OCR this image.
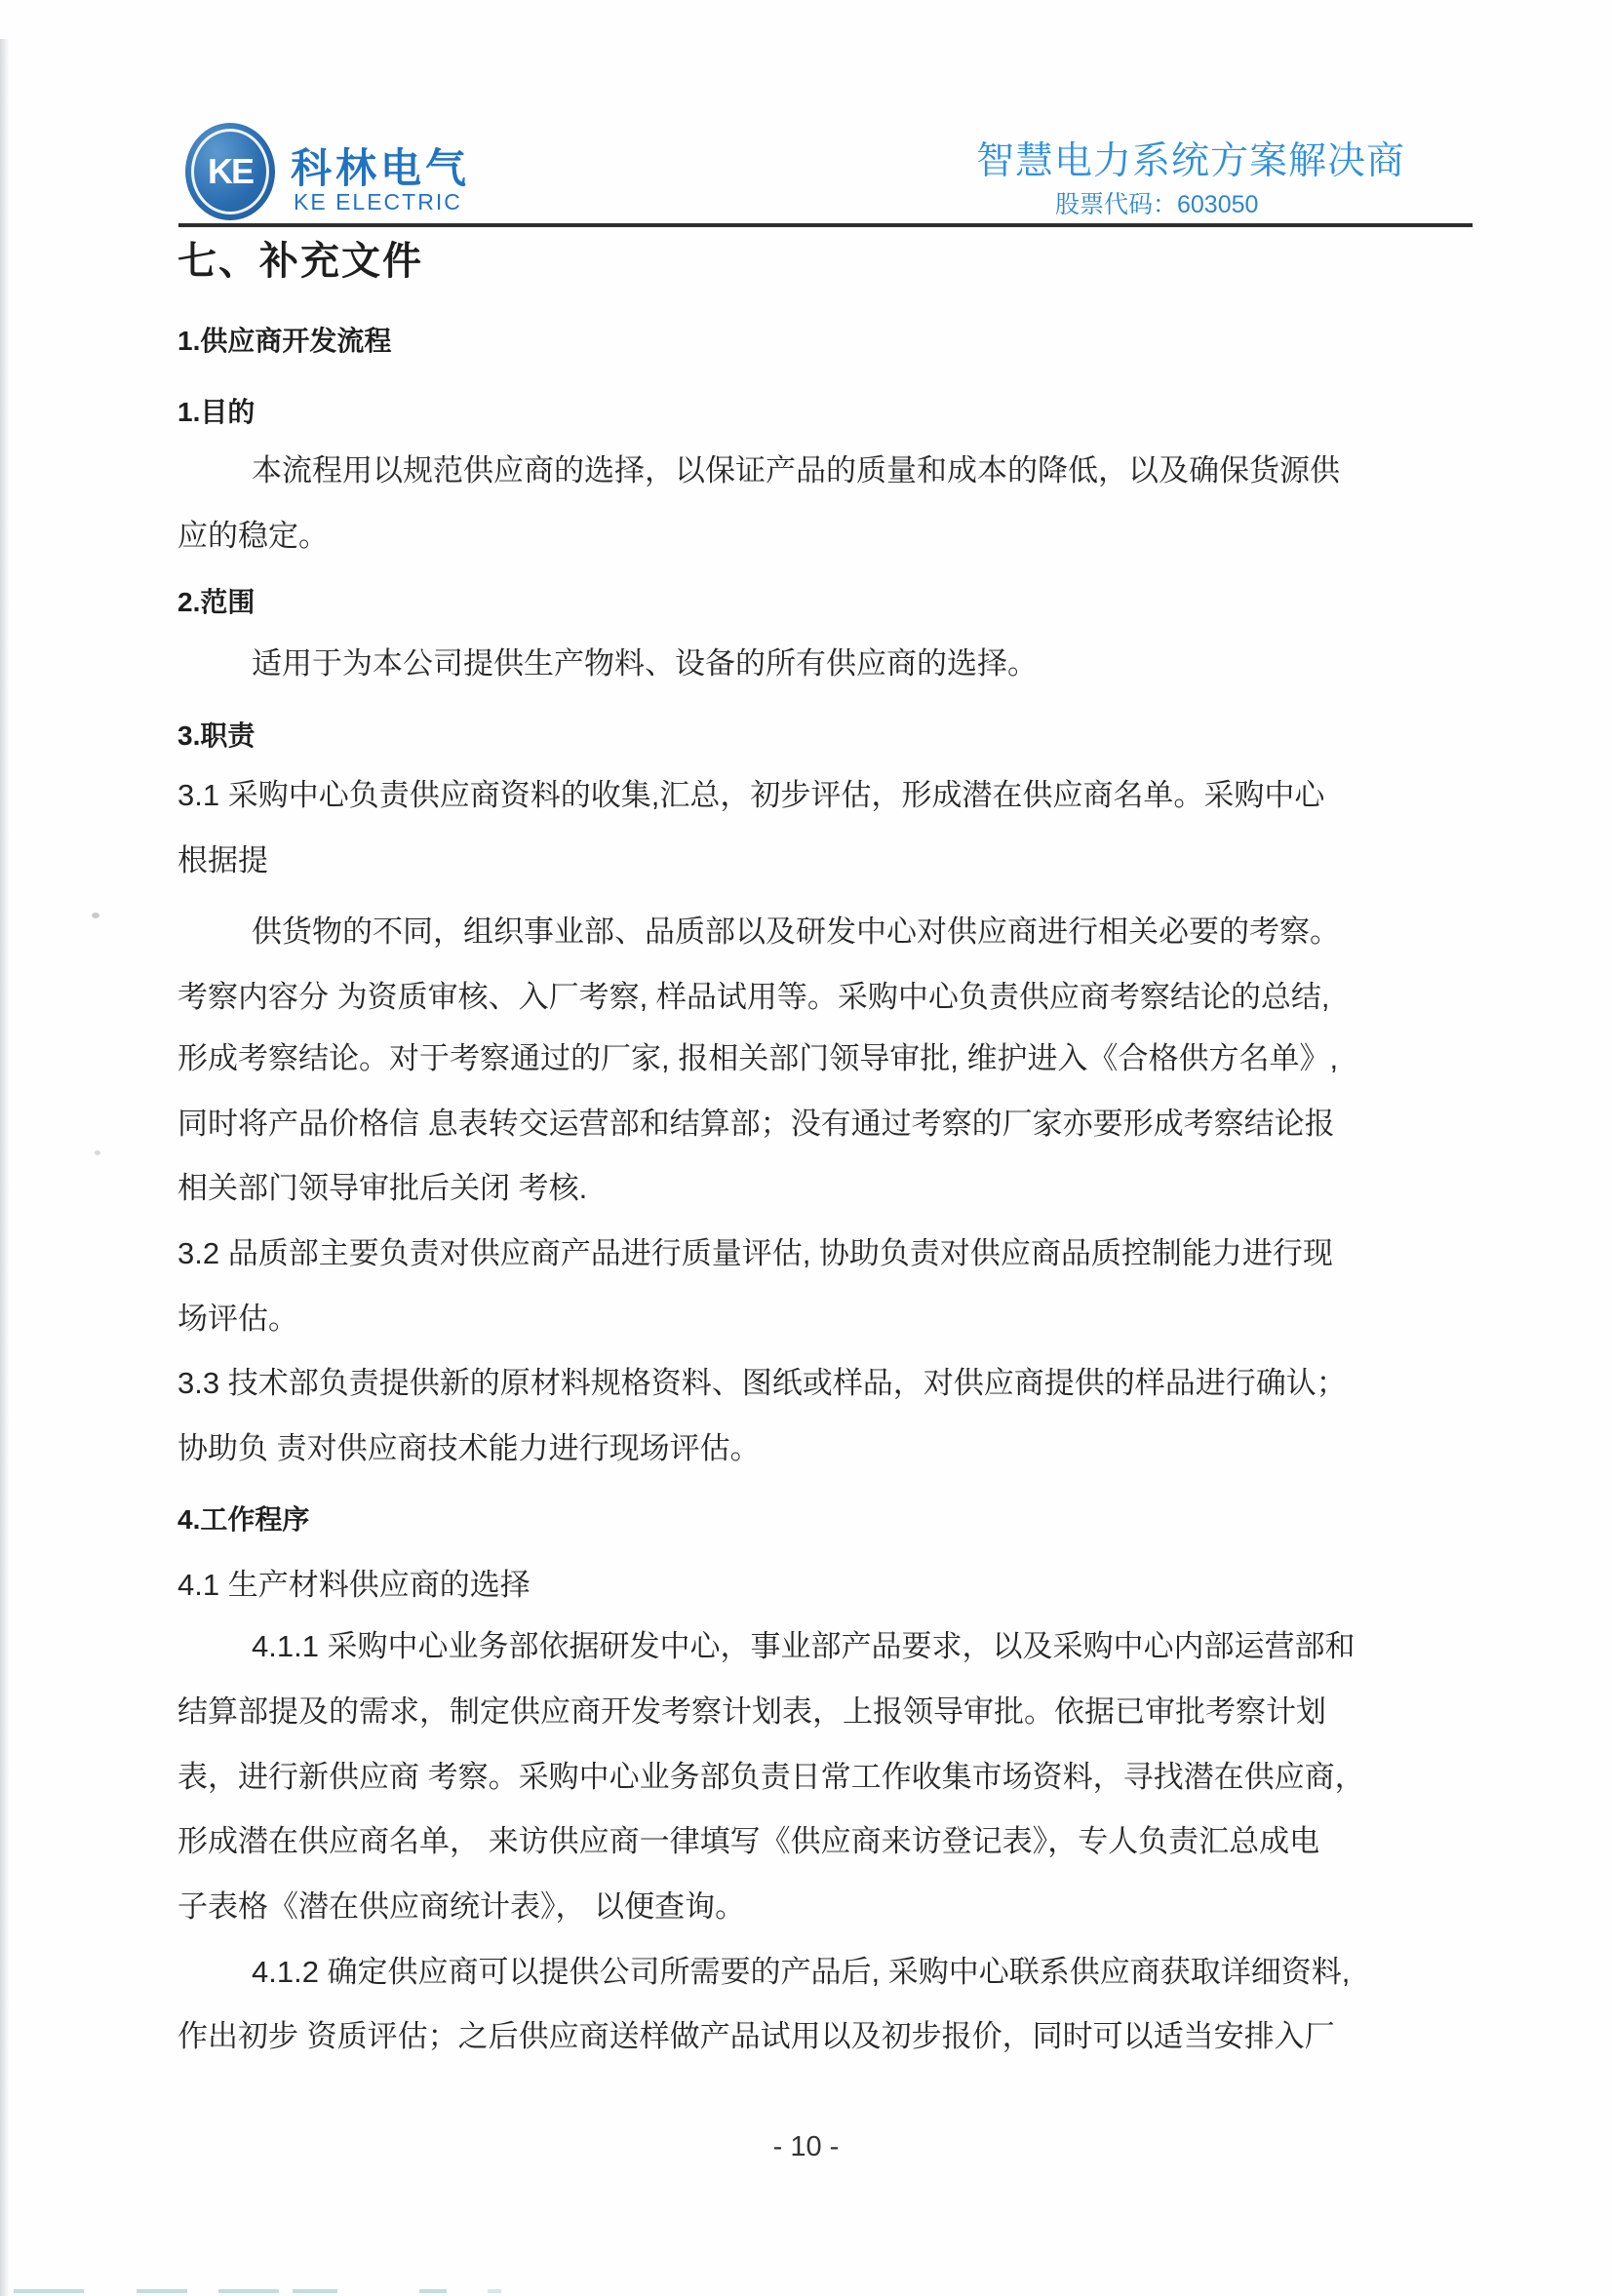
KE 科林电气
KE ELECTRIC
智慧电力系统方案解决商
股票代码：603050
七、补充文件
1.供应商开发流程
1.目的
本流程用以规范供应商的选择，以保证产品的质量和成本的降低，以及确保货源供
应的稳定。
2.范围
适用于为本公司提供生产物料、设备的所有供应商的选择。
3.职责
3.1 采购中心负责供应商资料的收集,汇总，初步评估，形成潜在供应商名单。采购中心
根据提
供货物的不同，组织事业部、品质部以及研发中心对供应商进行相关必要的考察。
考察内容分 为资质审核、入厂考察, 样品试用等。采购中心负责供应商考察结论的总结,
形成考察结论。对于考察通过的厂家, 报相关部门领导审批, 维护进入《合格供方名单》,
同时将产品价格信 息表转交运营部和结算部；没有通过考察的厂家亦要形成考察结论报
相关部门领导审批后关闭 考核.
3.2 品质部主要负责对供应商产品进行质量评估, 协助负责对供应商品质控制能力进行现
场评估。
3.3 技术部负责提供新的原材料规格资料、图纸或样品，对供应商提供的样品进行确认；
协助负 责对供应商技术能力进行现场评估。
4.工作程序
4.1 生产材料供应商的选择
4.1.1 采购中心业务部依据研发中心，事业部产品要求，以及采购中心内部运营部和
结算部提及的需求，制定供应商开发考察计划表，上报领导审批。依据已审批考察计划
表，进行新供应商 考察。采购中心业务部负责日常工作收集市场资料，寻找潜在供应商，
形成潜在供应商名单， 来访供应商一律填写《供应商来访登记表》，专人负责汇总成电
子表格《潜在供应商统计表》， 以便查询。
4.1.2 确定供应商可以提供公司所需要的产品后, 采购中心联系供应商获取详细资料,
作出初步 资质评估；之后供应商送样做产品试用以及初步报价，同时可以适当安排入厂
- 10 -
